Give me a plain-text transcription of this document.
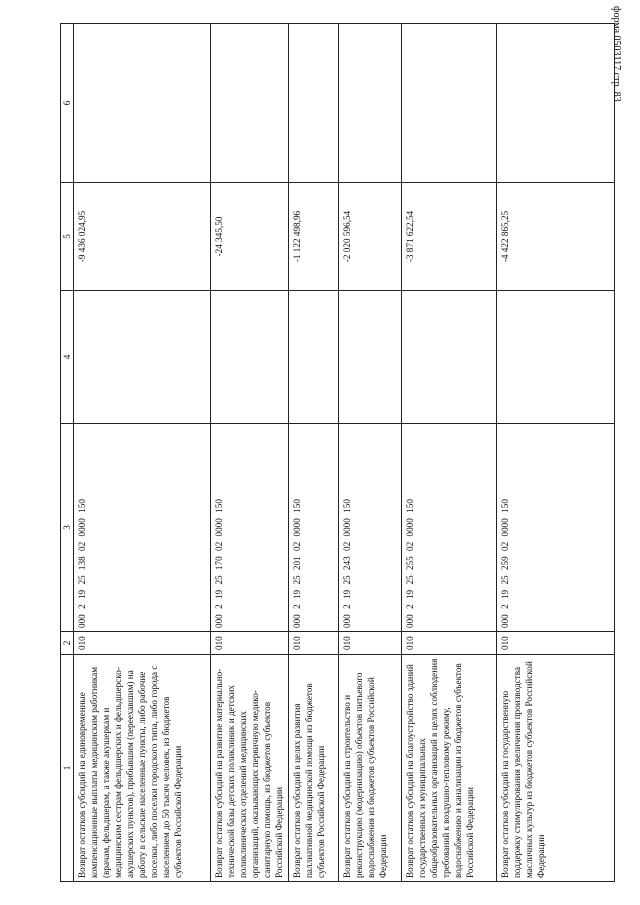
форма 0503117 стр. 83
1	2	3	4	5	6
Возврат остатков субсидий на единовременные компенсационные выплаты медицинским работникам (врачам, фельдшерам, а также акушеркам и медицинским сестрам фельдшерских и фельдшерско-акушерских пунктов), прибывшим (переехавшим) на работу в сельские населенные пункты, либо рабочие поселки, либо поселки городского типа, либо города с населением до 50 тысяч человек, из бюджетов субъектов Российской Федерации	010	000 2 19 25 138 02 0000 150		-9 436 024,95	
Возврат остатков субсидий на развитие материально-технической базы детских поликлиник и детских поликлинических отделений медицинских организаций, оказывающих первичную медико-санитарную помощь, из бюджетов субъектов Российской Федерации	010	000 2 19 25 170 02 0000 150		-24 345,50	
Возврат остатков субсидий в целях развития паллиативной медицинской помощи из бюджетов субъектов Российской Федерации	010	000 2 19 25 201 02 0000 150		-1 122 498,96	
Возврат остатков субсидий на строительство и реконструкцию (модернизацию) объектов питьевого водоснабжения из бюджетов субъектов Российской Федерации	010	000 2 19 25 243 02 0000 150		-2 020 596,54	
Возврат остатков субсидий на благоустройство зданий государственных и муниципальных общеобразовательных организаций в целях соблюдения требований к воздушно-тепловому режиму, водоснабжению и канализации из бюджетов субъектов Российской Федерации	010	000 2 19 25 255 02 0000 150		-3 871 622,54	
Возврат остатков субсидий на государственную поддержку стимулирования увеличения производства масличных культур из бюджетов субъектов Российской Федерации	010	000 2 19 25 259 02 0000 150		-4 422 865,25	
